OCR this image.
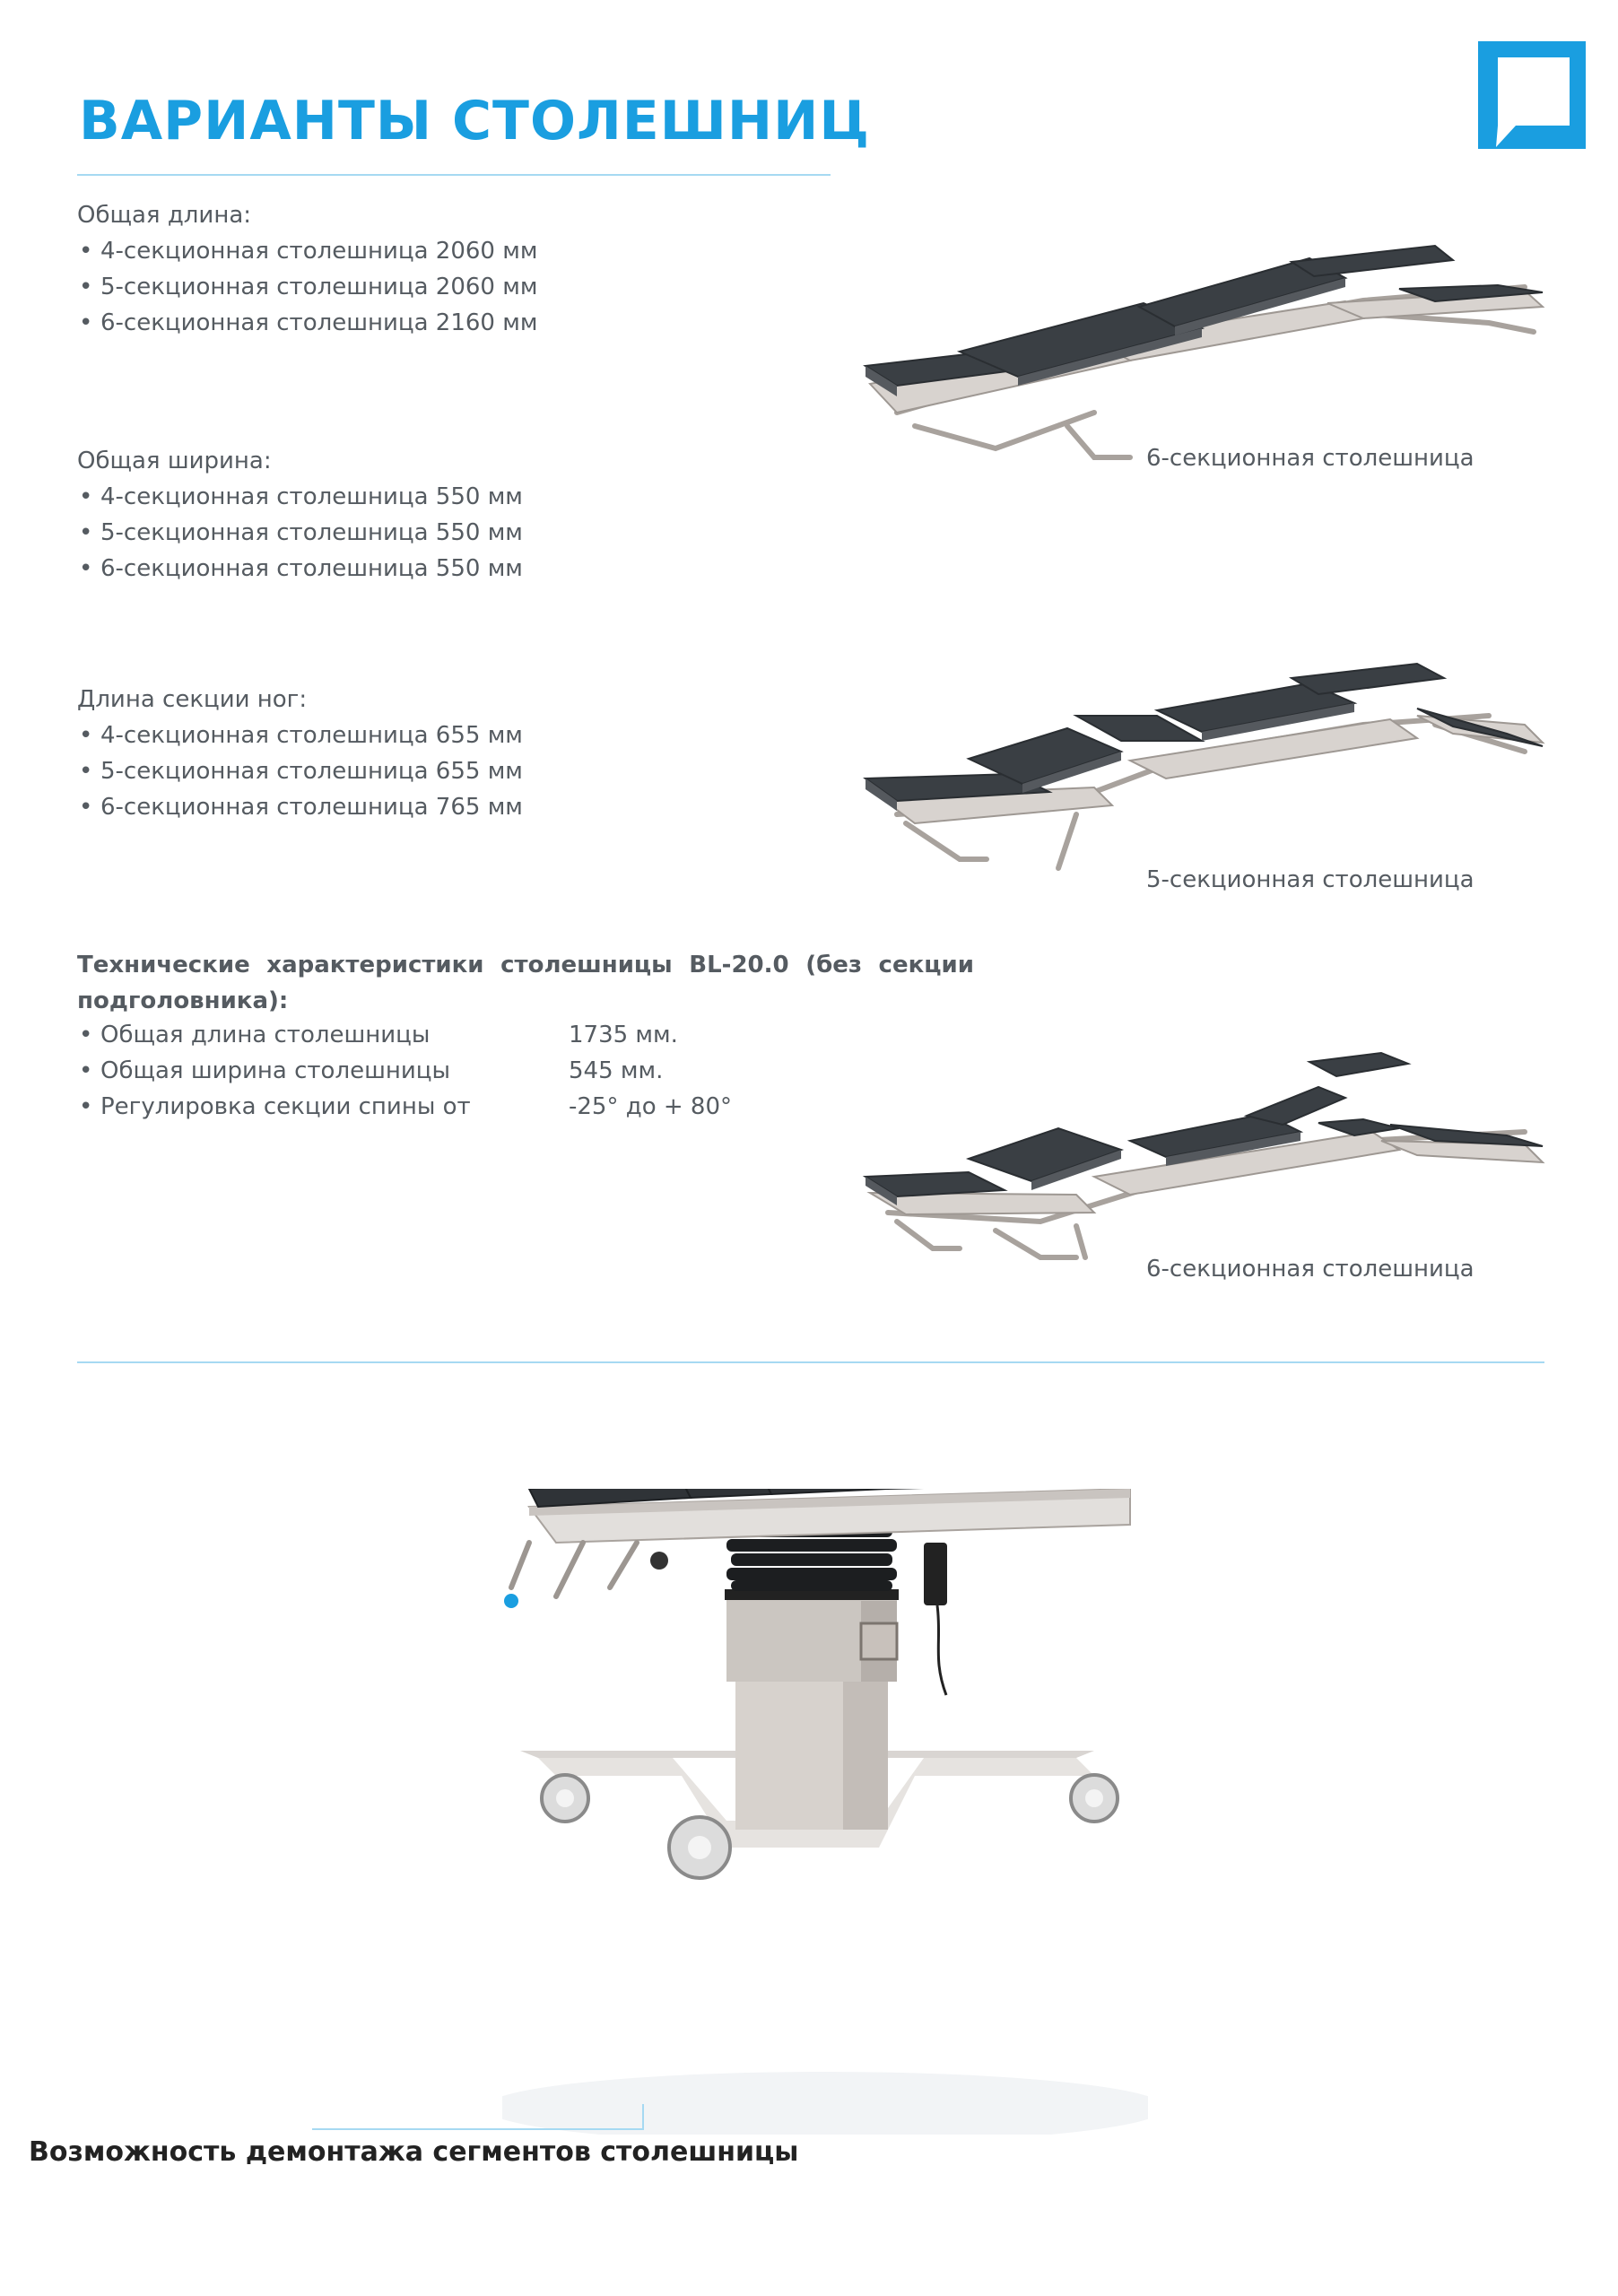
ВАРИАНТЫ СТОЛЕШНИЦ

Общая длина:

• 4-секционная столешница 2060 мм
• 5-секционная столешница 2060 мм
• 6-секционная столешница 2160 мм

Общая ширина:

• 4-секционная столешница 550 мм
• 5-секционная столешница 550 мм
• 6-секционная столешница 550 мм

Длина секции ног:

• 4-секционная столешница 655 мм
• 5-секционная столешница 655 мм
• 6-секционная столешница 765 мм
Технические характеристики столешницы BL-20.0 (без секции
подголовника):
• Общая длина столешницы	1735 мм.
• Общая ширина столешницы	545 мм.
• Регулировка секции спины от	-25° до + 80°
6-секционная столешница
5-секционная столешница
6-секционная столешница
Возможность демонтажа сегментов столешницы
